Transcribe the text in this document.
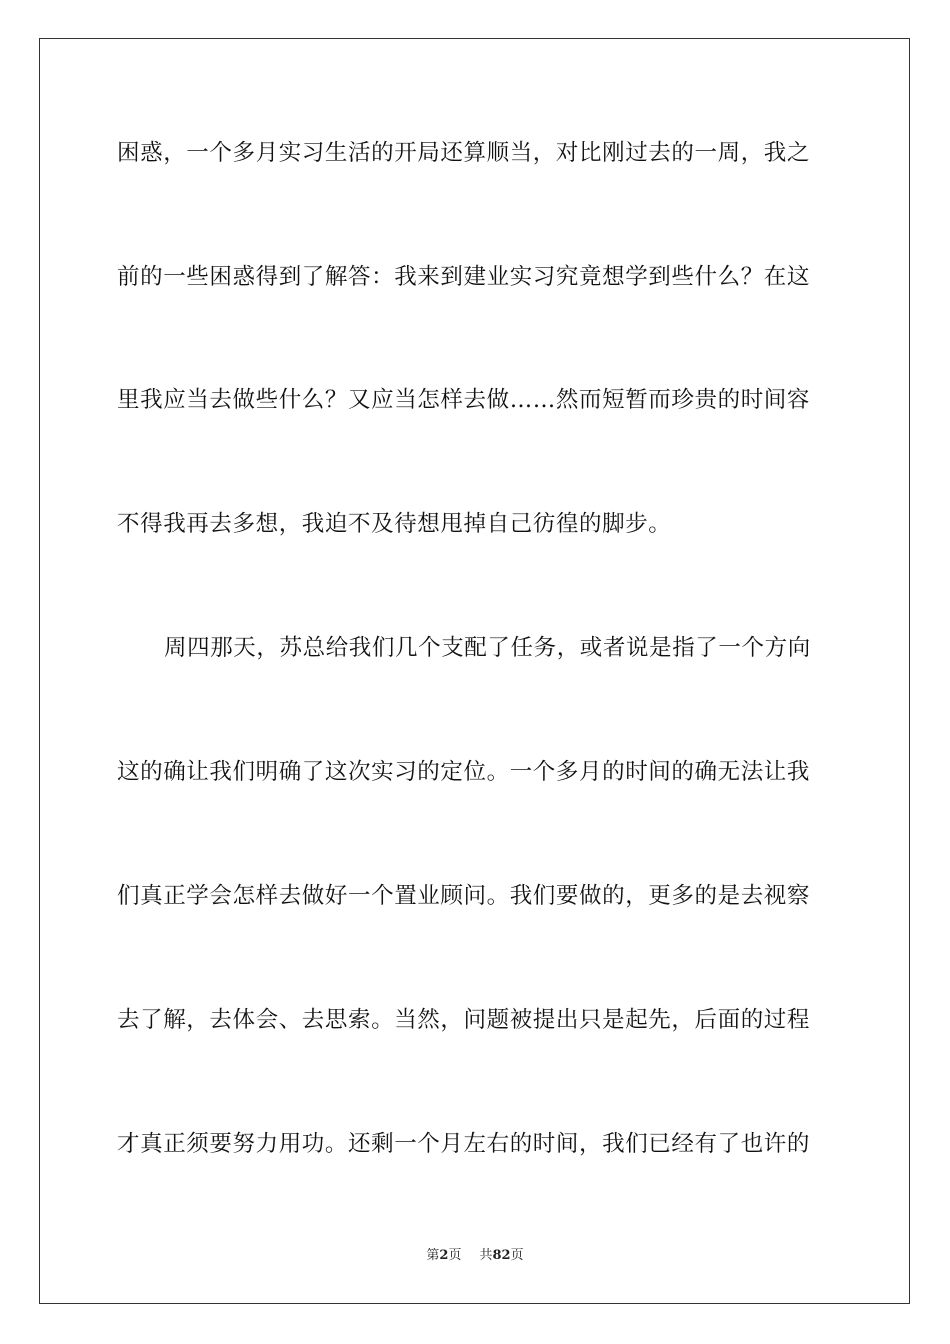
困惑，一个多月实习生活的开局还算顺当，对比刚过去的一周，我之
前的一些困惑得到了解答：我来到建业实习究竟想学到些什么？在这
里我应当去做些什么？又应当怎样去做……然而短暂而珍贵的时间容
不得我再去多想，我迫不及待想甩掉自己彷徨的脚步。
周四那天，苏总给我们几个支配了任务，或者说是指了一个方向
这的确让我们明确了这次实习的定位。一个多月的时间的确无法让我
们真正学会怎样去做好一个置业顾问。我们要做的，更多的是去视察
去了解，去体会、去思索。当然，问题被提出只是起先，后面的过程
才真正须要努力用功。还剩一个月左右的时间，我们已经有了也许的
第2页 共82页
